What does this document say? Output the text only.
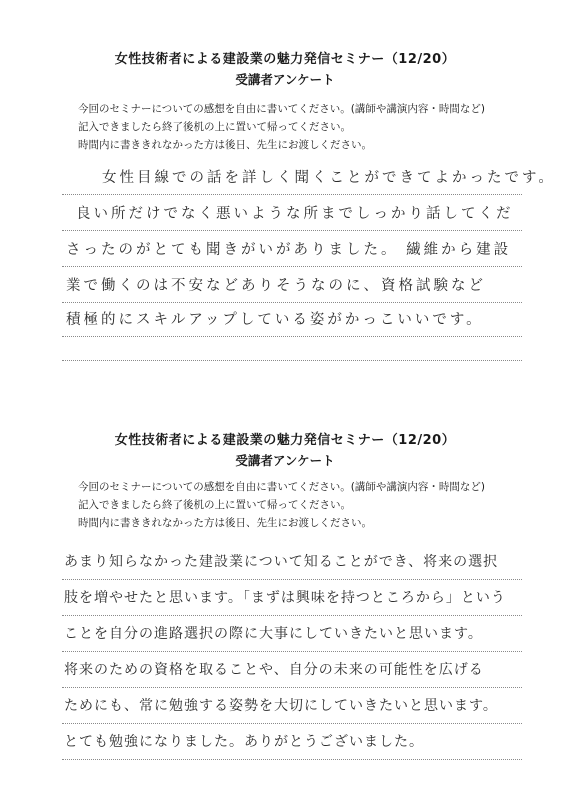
女性技術者による建設業の魅力発信セミナー（12/20）
受講者アンケート
今回のセミナーについての感想を自由に書いてください。(講師や講演内容・時間など)
記入できましたら終了後机の上に置いて帰ってください。
時間内に書ききれなかった方は後日、先生にお渡しください。
女性目線での話を詳しく聞くことができてよかったです。
良い所だけでなく悪いような所までしっかり話してくだ
さったのがとても聞きがいがありました。 繊維から建設
業で働くのは不安などありそうなのに、資格試験など
積極的にスキルアップしている姿がかっこいいです。
女性技術者による建設業の魅力発信セミナー（12/20）
受講者アンケート
今回のセミナーについての感想を自由に書いてください。(講師や講演内容・時間など)
記入できましたら終了後机の上に置いて帰ってください。
時間内に書ききれなかった方は後日、先生にお渡しください。
あまり知らなかった建設業について知ることができ、将来の選択
肢を増やせたと思います。「まずは興味を持つところから」という
ことを自分の進路選択の際に大事にしていきたいと思います。
将来のための資格を取ることや、自分の未来の可能性を広げる
ためにも、常に勉強する姿勢を大切にしていきたいと思います。
とても勉強になりました。ありがとうございました。
